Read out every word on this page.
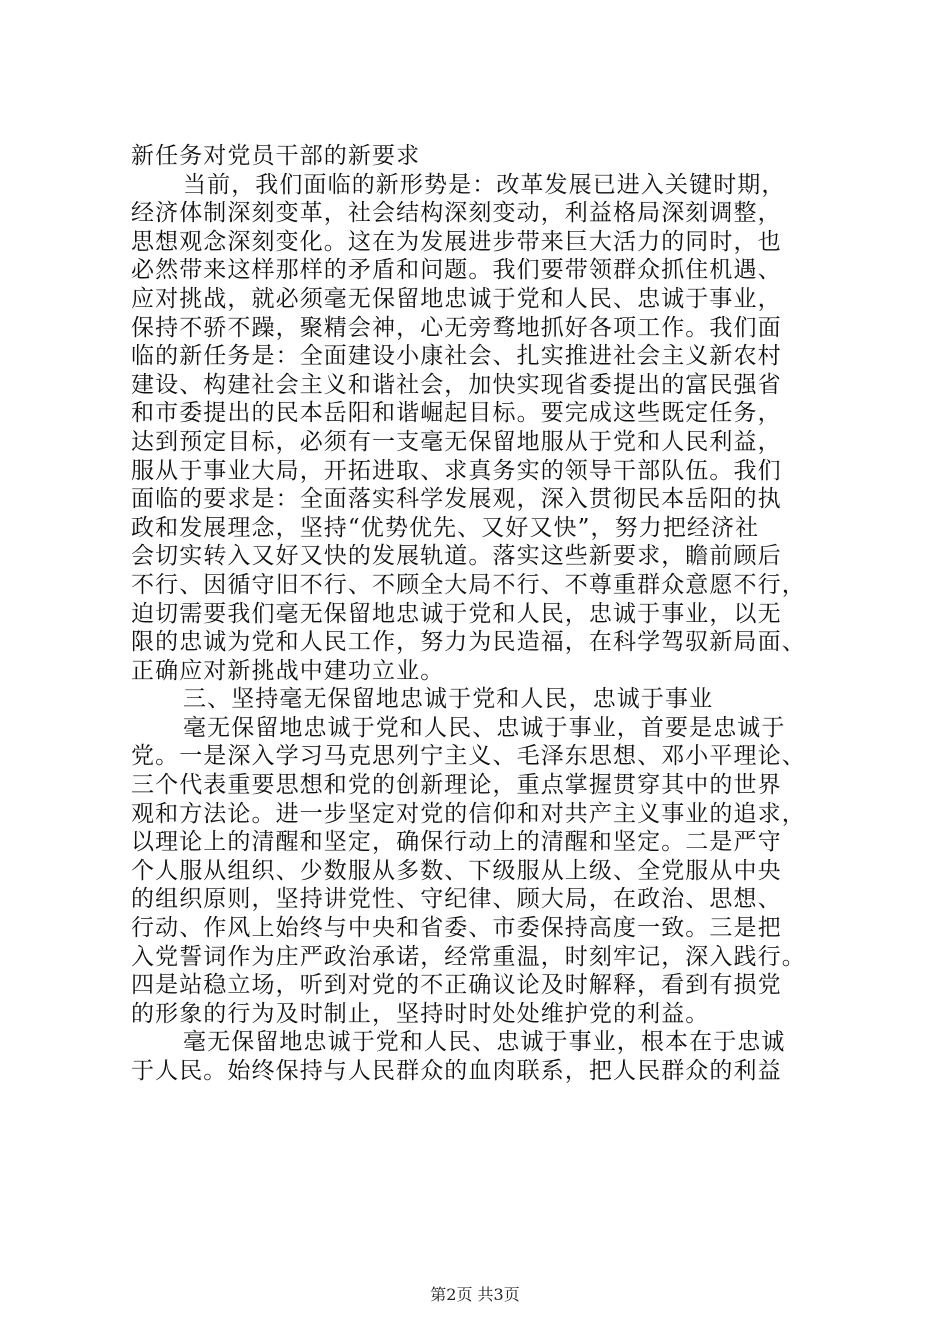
新任务对党员干部的新要求
当前，我们面临的新形势是：改革发展已进入关键时期，
经济体制深刻变革，社会结构深刻变动，利益格局深刻调整，
思想观念深刻变化。这在为发展进步带来巨大活力的同时，也
必然带来这样那样的矛盾和问题。我们要带领群众抓住机遇、
应对挑战，就必须毫无保留地忠诚于党和人民、忠诚于事业，
保持不骄不躁，聚精会神，心无旁骛地抓好各项工作。我们面
临的新任务是：全面建设小康社会、扎实推进社会主义新农村
建设、构建社会主义和谐社会，加快实现省委提出的富民强省
和市委提出的民本岳阳和谐崛起目标。要完成这些既定任务，
达到预定目标，必须有一支毫无保留地服从于党和人民利益，
服从于事业大局，开拓进取、求真务实的领导干部队伍。我们
面临的要求是：全面落实科学发展观，深入贯彻民本岳阳的执
政和发展理念，坚持“优势优先、又好又快”，努力把经济社
会切实转入又好又快的发展轨道。落实这些新要求，瞻前顾后
不行、因循守旧不行、不顾全大局不行、不尊重群众意愿不行，
迫切需要我们毫无保留地忠诚于党和人民，忠诚于事业，以无
限的忠诚为党和人民工作，努力为民造福，在科学驾驭新局面、
正确应对新挑战中建功立业。
三、坚持毫无保留地忠诚于党和人民，忠诚于事业
毫无保留地忠诚于党和人民、忠诚于事业，首要是忠诚于
党。一是深入学习马克思列宁主义、毛泽东思想、邓小平理论、
三个代表重要思想和党的创新理论，重点掌握贯穿其中的世界
观和方法论。进一步坚定对党的信仰和对共产主义事业的追求，
以理论上的清醒和坚定，确保行动上的清醒和坚定。二是严守
个人服从组织、少数服从多数、下级服从上级、全党服从中央
的组织原则，坚持讲党性、守纪律、顾大局，在政治、思想、
行动、作风上始终与中央和省委、市委保持高度一致。三是把
入党誓词作为庄严政治承诺，经常重温，时刻牢记，深入践行。
四是站稳立场，听到对党的不正确议论及时解释，看到有损党
的形象的行为及时制止，坚持时时处处维护党的利益。
毫无保留地忠诚于党和人民、忠诚于事业，根本在于忠诚
于人民。始终保持与人民群众的血肉联系，把人民群众的利益
第2页 共3页
